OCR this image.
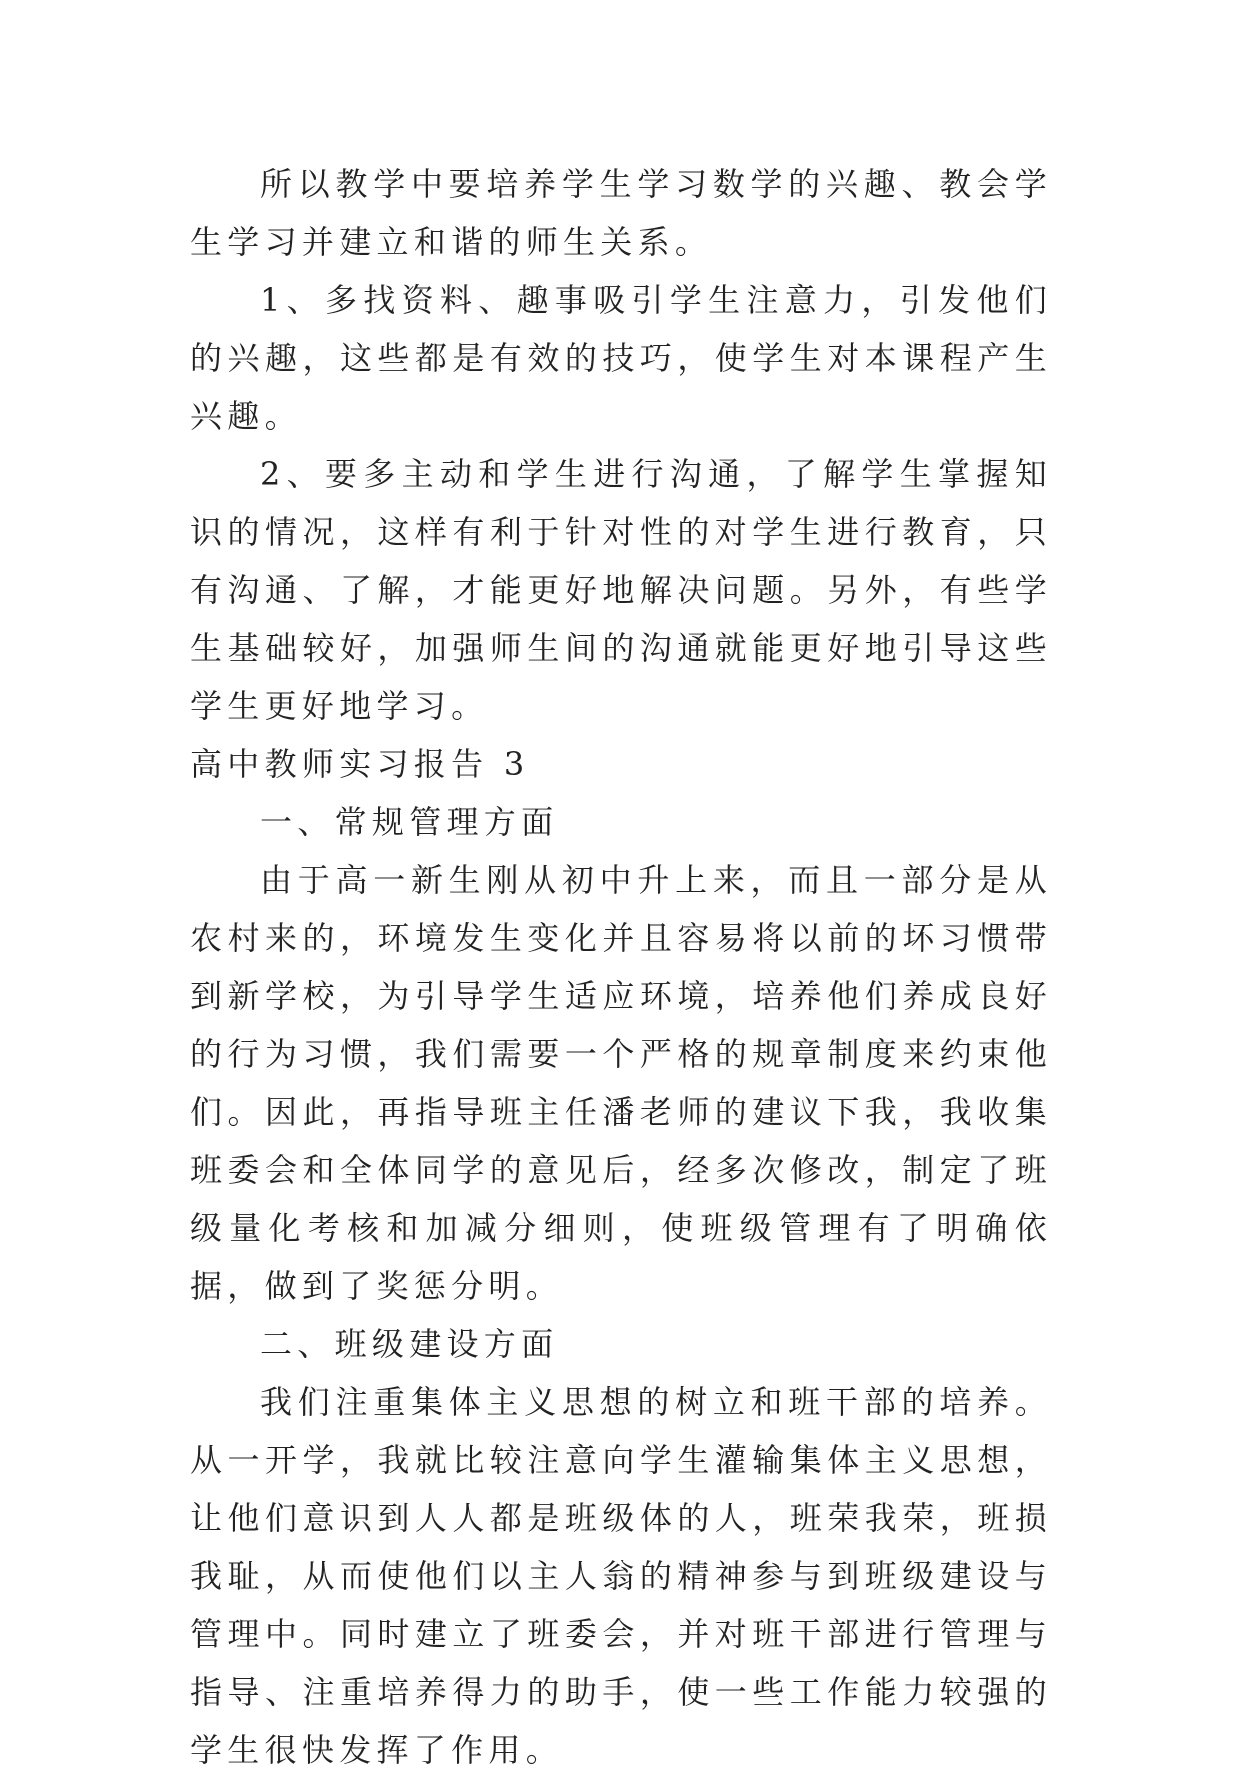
所以教学中要培养学生学习数学的兴趣、教会学生学习并建立和谐的师生关系。

1、多找资料、趣事吸引学生注意力，引发他们的兴趣，这些都是有效的技巧，使学生对本课程产生兴趣。

2、要多主动和学生进行沟通，了解学生掌握知识的情况，这样有利于针对性的对学生进行教育，只有沟通、了解，才能更好地解决问题。另外，有些学生基础较好，加强师生间的沟通就能更好地引导这些学生更好地学习。

高中教师实习报告 3

一、常规管理方面

由于高一新生刚从初中升上来，而且一部分是从农村来的，环境发生变化并且容易将以前的坏习惯带到新学校，为引导学生适应环境，培养他们养成良好的行为习惯，我们需要一个严格的规章制度来约束他们。因此，再指导班主任潘老师的建议下我，我收集班委会和全体同学的意见后，经多次修改，制定了班级量化考核和加减分细则，使班级管理有了明确依据，做到了奖惩分明。

二、班级建设方面

我们注重集体主义思想的树立和班干部的培养。从一开学，我就比较注意向学生灌输集体主义思想，让他们意识到人人都是班级体的人，班荣我荣，班损我耻，从而使他们以主人翁的精神参与到班级建设与管理中。同时建立了班委会，并对班干部进行管理与指导、注重培养得力的助手，使一些工作能力较强的学生很快发挥了作用。
